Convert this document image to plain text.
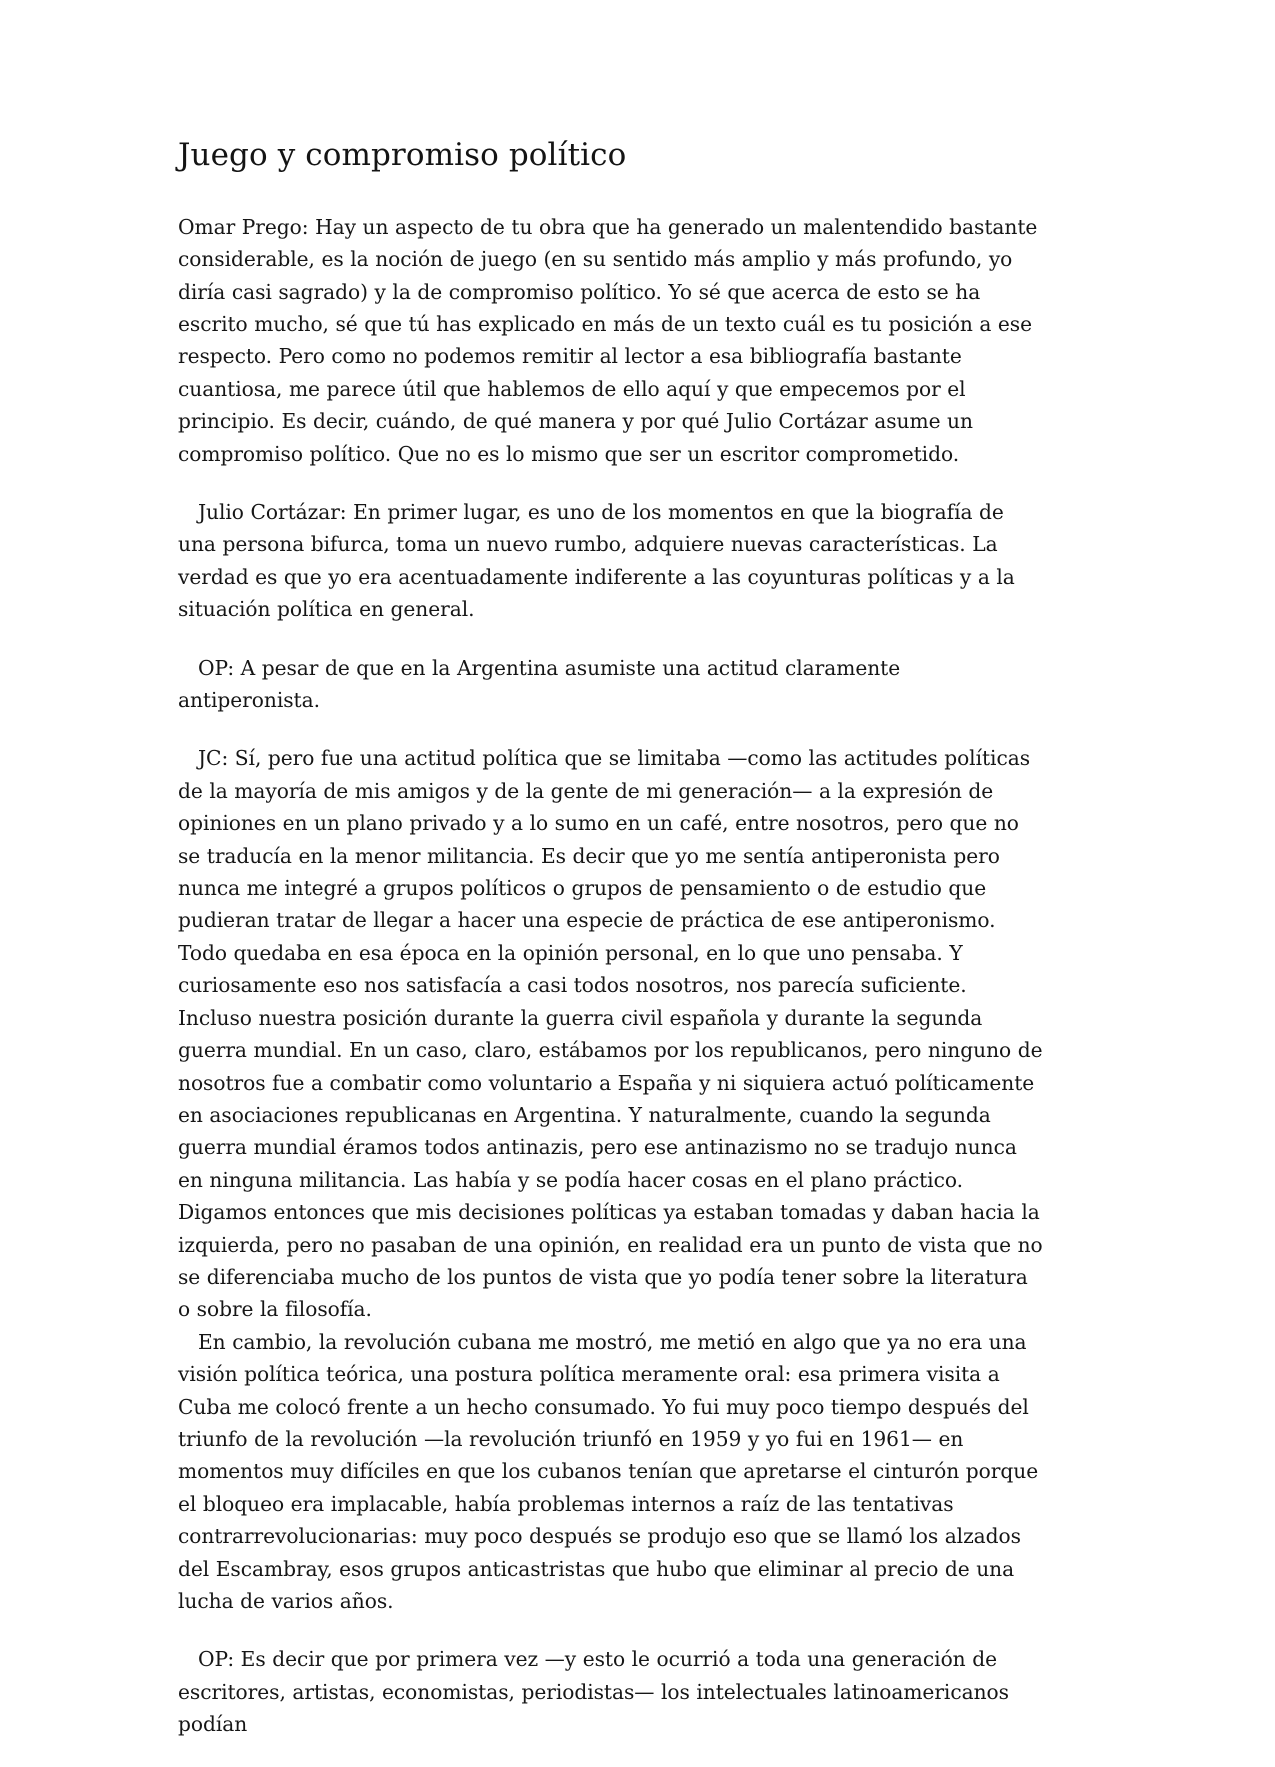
Juego y compromiso político

Omar Prego: Hay un aspecto de tu obra que ha generado un malentendido bastante considerable, es la noción de juego (en su sentido más amplio y más profundo, yo diría casi sagrado) y la de compromiso político. Yo sé que acerca de esto se ha escrito mucho, sé que tú has explicado en más de un texto cuál es tu posición a ese respecto. Pero como no podemos remitir al lector a esa bibliografía bastante cuantiosa, me parece útil que hablemos de ello aquí y que empecemos por el principio. Es decir, cuándo, de qué manera y por qué Julio Cortázar asume un compromiso político. Que no es lo mismo que ser un escritor comprometido.

Julio Cortázar: En primer lugar, es uno de los momentos en que la biografía de una persona bifurca, toma un nuevo rumbo, adquiere nuevas características. La verdad es que yo era acentuadamente indiferente a las coyunturas políticas y a la situación política en general.

OP: A pesar de que en la Argentina asumiste una actitud claramente antiperonista.

JC: Sí, pero fue una actitud política que se limitaba —como las actitudes políticas de la mayoría de mis amigos y de la gente de mi generación— a la expresión de opiniones en un plano privado y a lo sumo en un café, entre nosotros, pero que no se traducía en la menor militancia. Es decir que yo me sentía antiperonista pero nunca me integré a grupos políticos o grupos de pensamiento o de estudio que pudieran tratar de llegar a hacer una especie de práctica de ese antiperonismo. Todo quedaba en esa época en la opinión personal, en lo que uno pensaba. Y curiosamente eso nos satisfacía a casi todos nosotros, nos parecía suficiente. Incluso nuestra posición durante la guerra civil española y durante la segunda guerra mundial. En un caso, claro, estábamos por los republicanos, pero ninguno de nosotros fue a combatir como voluntario a España y ni siquiera actuó políticamente en asociaciones republicanas en Argentina. Y naturalmente, cuando la segunda guerra mundial éramos todos antinazis, pero ese antinazismo no se tradujo nunca en ninguna militancia. Las había y se podía hacer cosas en el plano práctico. Digamos entonces que mis decisiones políticas ya estaban tomadas y daban hacia la izquierda, pero no pasaban de una opinión, en realidad era un punto de vista que no se diferenciaba mucho de los puntos de vista que yo podía tener sobre la literatura o sobre la filosofía.

En cambio, la revolución cubana me mostró, me metió en algo que ya no era una visión política teórica, una postura política meramente oral: esa primera visita a Cuba me colocó frente a un hecho consumado. Yo fui muy poco tiempo después del triunfo de la revolución —la revolución triunfó en 1959 y yo fui en 1961— en momentos muy difíciles en que los cubanos tenían que apretarse el cinturón porque el bloqueo era implacable, había problemas internos a raíz de las tentativas contrarrevolucionarias: muy poco después se produjo eso que se llamó los alzados del Escambray, esos grupos anticastristas que hubo que eliminar al precio de una lucha de varios años.

OP: Es decir que por primera vez —y esto le ocurrió a toda una generación de escritores, artistas, economistas, periodistas— los intelectuales latinoamericanos podían
